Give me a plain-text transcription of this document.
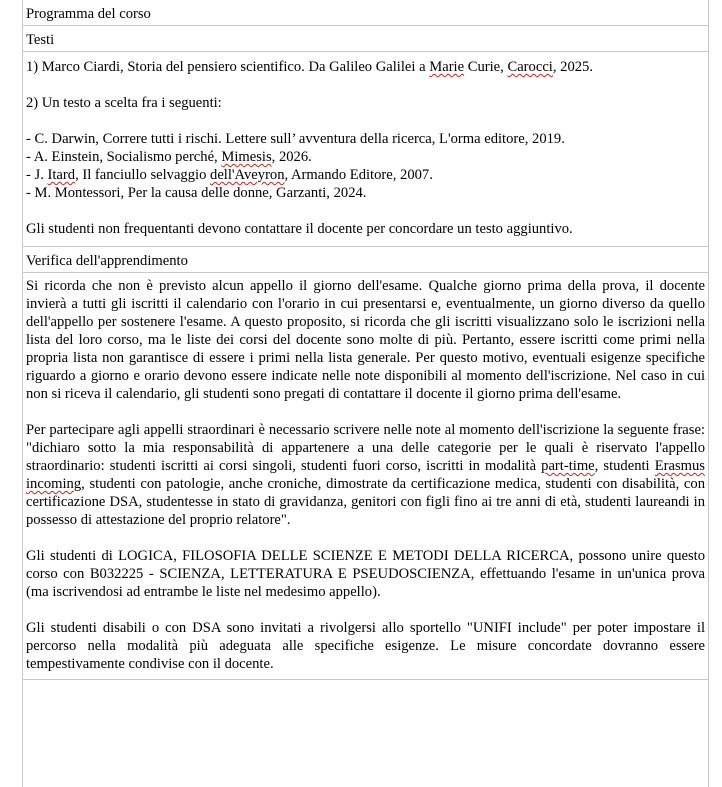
Programma del corso
Testi
1) Marco Ciardi, Storia del pensiero scientifico. Da Galileo Galilei a Marie Curie, Carocci, 2025.
2) Un testo a scelta fra i seguenti:
- C. Darwin, Correre tutti i rischi. Lettere sull’ avventura della ricerca, L'orma editore, 2019.
- A. Einstein, Socialismo perché, Mimesis, 2026.
- J. Itard, Il fanciullo selvaggio dell'Aveyron, Armando Editore, 2007.
- M. Montessori, Per la causa delle donne, Garzanti, 2024.
Gli studenti non frequentanti devono contattare il docente per concordare un testo aggiuntivo.
Verifica dell'apprendimento

Si ricorda che non è previsto alcun appello il giorno dell'esame. Qualche giorno prima della prova, il docente invierà a tutti gli iscritti il calendario con l'orario in cui presentarsi e, eventualmente, un giorno diverso da quello dell'appello per sostenere l'esame. A questo proposito, si ricorda che gli iscritti visualizzano solo le iscrizioni nella lista del loro corso, ma le liste dei corsi del docente sono molte di più. Pertanto, essere iscritti come primi nella propria lista non garantisce di essere i primi nella lista generale. Per questo motivo, eventuali esigenze specifiche riguardo a giorno e orario devono essere indicate nelle note disponibili al momento dell'iscrizione. Nel caso in cui non si riceva il calendario, gli studenti sono pregati di contattare il docente il giorno prima dell'esame.

Per partecipare agli appelli straordinari è necessario scrivere nelle note al momento dell'iscrizione la seguente frase: "dichiaro sotto la mia responsabilità di appartenere a una delle categorie per le quali è riservato l'appello straordinario: studenti iscritti ai corsi singoli, studenti fuori corso, iscritti in modalità part-time, studenti Erasmus incoming, studenti con patologie, anche croniche, dimostrate da certificazione medica, studenti con disabilità, con certificazione DSA, studentesse in stato di gravidanza, genitori con figli fino ai tre anni di età, studenti laureandi in possesso di attestazione del proprio relatore".

Gli studenti di LOGICA, FILOSOFIA DELLE SCIENZE E METODI DELLA RICERCA, possono unire questo corso con B032225 - SCIENZA, LETTERATURA E PSEUDOSCIENZA, effettuando l'esame in un'unica prova (ma iscrivendosi ad entrambe le liste nel medesimo appello).

Gli studenti disabili o con DSA sono invitati a rivolgersi allo sportello "UNIFI include" per poter impostare il percorso nella modalità più adeguata alle specifiche esigenze. Le misure concordate dovranno essere tempestivamente condivise con il docente.
